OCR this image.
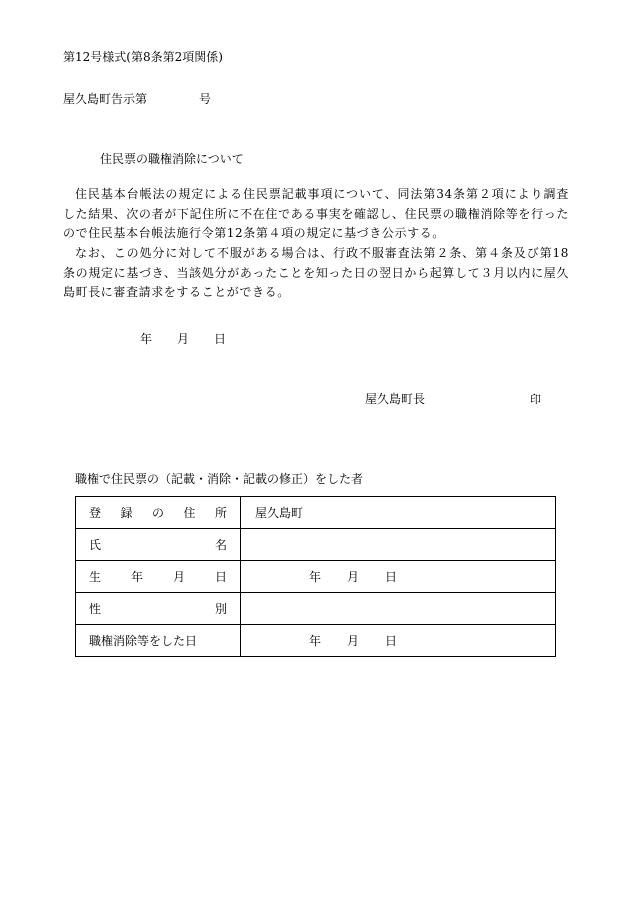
第12号様式(第8条第2項関係)
屋久島町告示第	号
住民票の職権消除について
住民基本台帳法の規定による住民票記載事項について、同法第34条第２項により調査した結果、次の者が下記住所に不在住である事実を確認し、住民票の職権消除等を行ったので住民基本台帳法施行令第12条第４項の規定に基づき公示する。
なお、この処分に対して不服がある場合は、行政不服審査法第２条、第４条及び第18条の規定に基づき、当該処分があったことを知った日の翌日から起算して３月以内に屋久島町長に審査請求をすることができる。
年 月 日
屋久島町長	印
職権で住民票の（記載・消除・記載の修正）をした者
登 録 の 住 所	屋久島町

氏 名	

生 年 月 日	年 月 日

性 別	

職権消除等をした日	年 月 日
